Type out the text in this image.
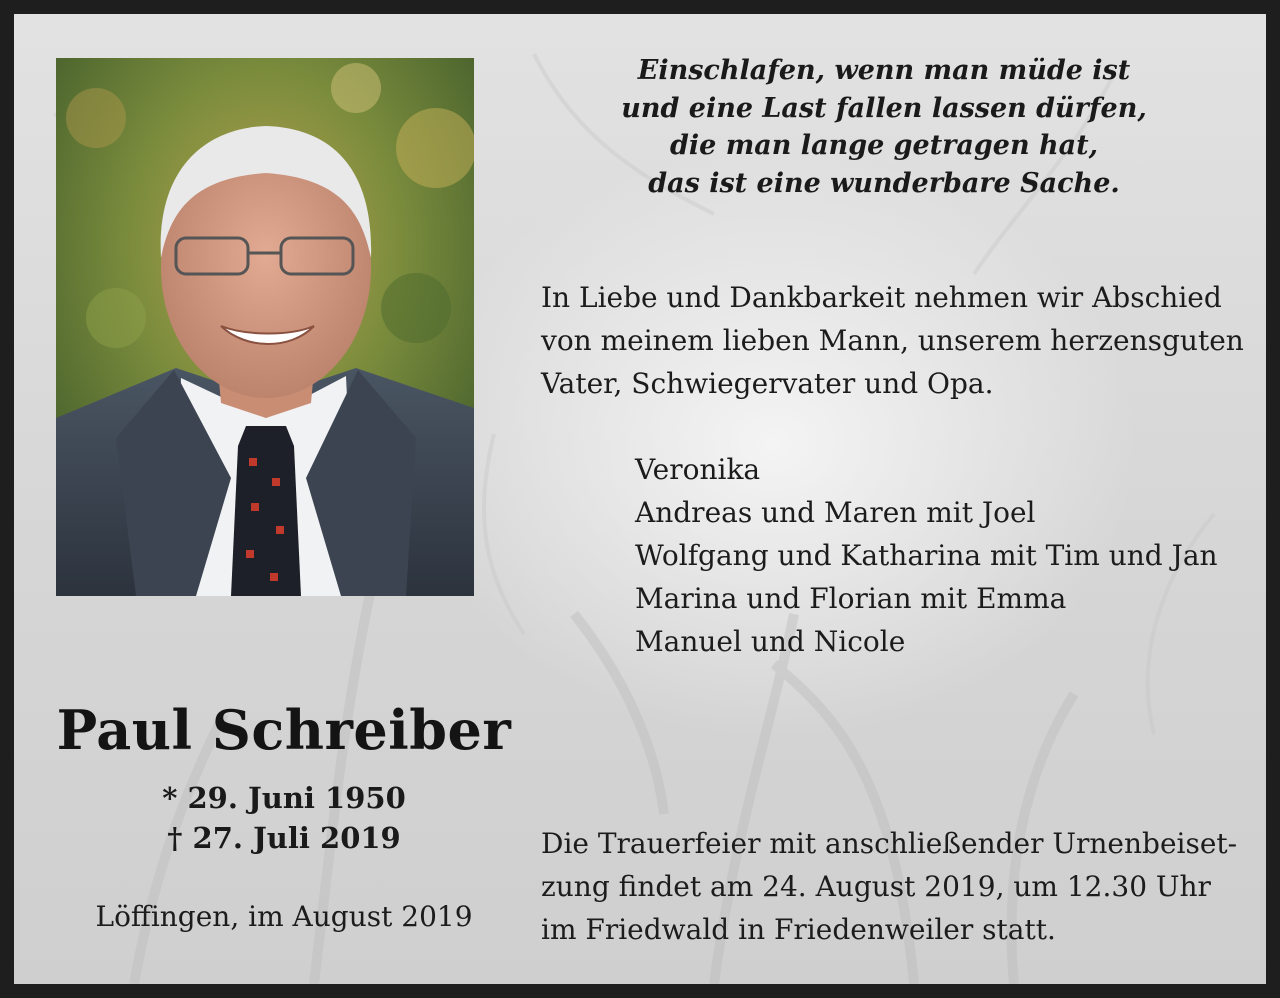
Einschlafen, wenn man müde ist
und eine Last fallen lassen dürfen,
die man lange getragen hat,
das ist eine wunderbare Sache.
In Liebe und Dankbarkeit nehmen wir Abschied
von meinem lieben Mann, unserem herzensguten
Vater, Schwiegervater und Opa.
Veronika
Andreas und Maren mit Joel
Wolfgang und Katharina mit Tim und Jan
Marina und Florian mit Emma
Manuel und Nicole
Paul Schreiber
* 29. Juni 1950
† 27. Juli 2019
Löffingen, im August 2019
Die Trauerfeier mit anschließender Urnenbeiset-
zung findet am 24. August 2019, um 12.30 Uhr
im Friedwald in Friedenweiler statt.
